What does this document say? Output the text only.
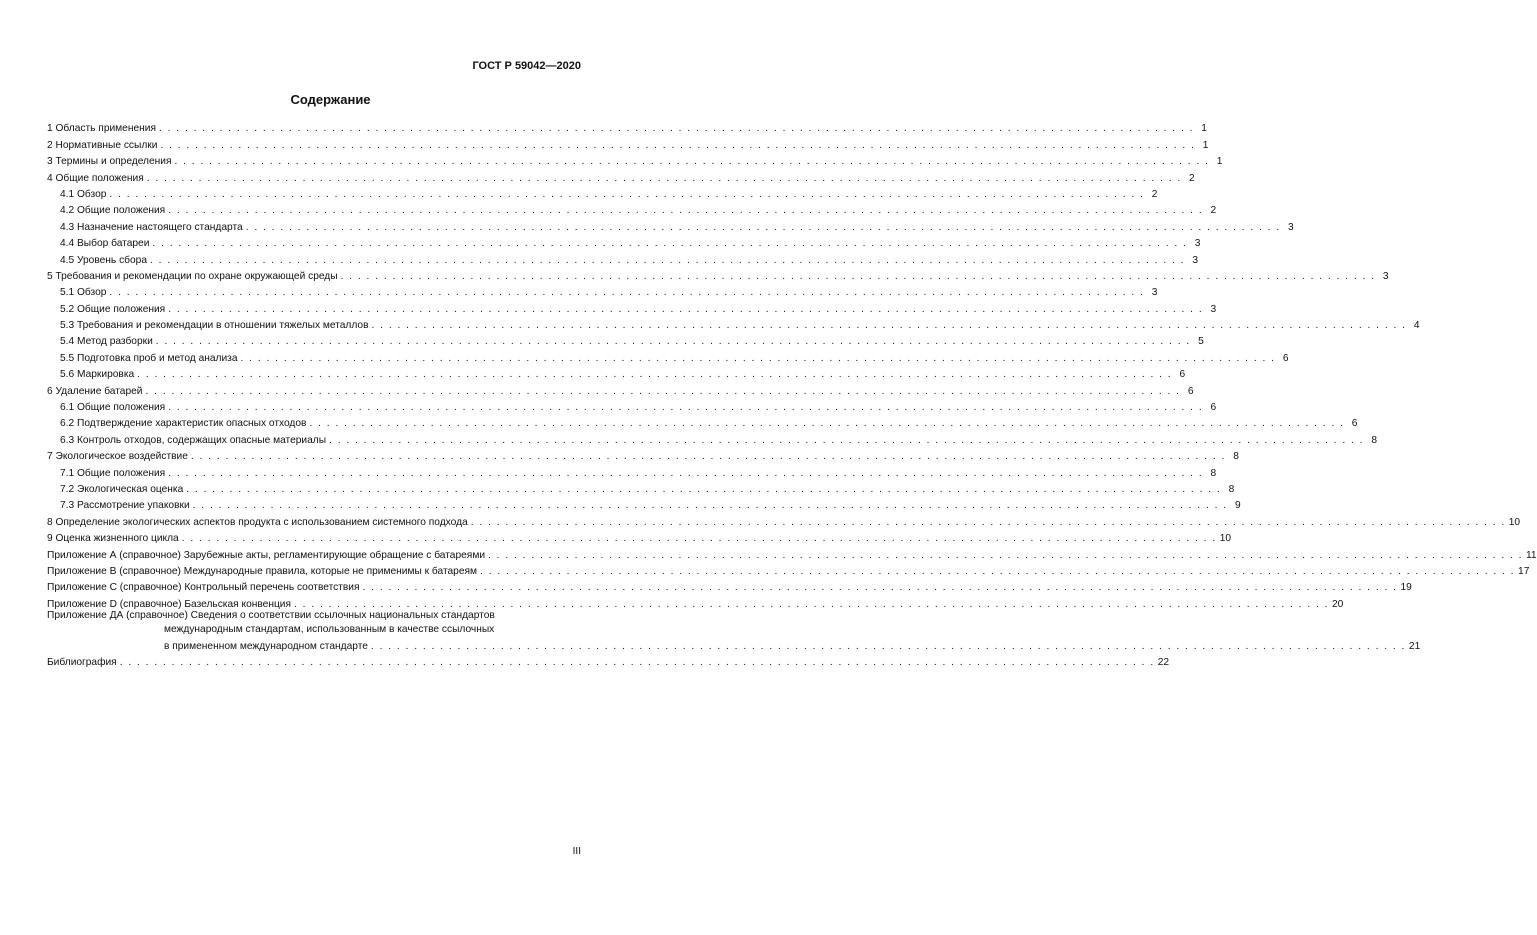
ГОСТ Р 59042—2020
Содержание
1 Область применения . . . . . . . . . . . . . . . . . . . . . . . . . . . . . . . . . . . . . . . . . . . . . . . . . . . . . . . . . . . . . . . . . . . . . . . . . . . . . . . . . . . . . . . . . . . . . . . . . . . . . . . . . . . . . . . . . . . . . . . . 1
2 Нормативные ссылки . . . . . . . . . . . . . . . . . . . . . . . . . . . . . . . . . . . . . . . . . . . . . . . . . . . . . . . . . . . . . . . . . . . . . . . . . . . . . . . . . . . . . . . . . . . . . . . . . . . . . . . . . . . . . . . . . . . . . . . . 1
3 Термины и определения . . . . . . . . . . . . . . . . . . . . . . . . . . . . . . . . . . . . . . . . . . . . . . . . . . . . . . . . . . . . . . . . . . . . . . . . . . . . . . . . . . . . . . . . . . . . . . . . . . . . . . . . . . . . . . . . . . . . . . . . 1
4 Общие положения . . . . . . . . . . . . . . . . . . . . . . . . . . . . . . . . . . . . . . . . . . . . . . . . . . . . . . . . . . . . . . . . . . . . . . . . . . . . . . . . . . . . . . . . . . . . . . . . . . . . . . . . . . . . . . . . . . . . . . . . 2
4.1 Обзор . . . . . . . . . . . . . . . . . . . . . . . . . . . . . . . . . . . . . . . . . . . . . . . . . . . . . . . . . . . . . . . . . . . . . . . . . . . . . . . . . . . . . . . . . . . . . . . . . . . . . . . . . . . . . . . . . . . . . . . . 2
4.2 Общие положения . . . . . . . . . . . . . . . . . . . . . . . . . . . . . . . . . . . . . . . . . . . . . . . . . . . . . . . . . . . . . . . . . . . . . . . . . . . . . . . . . . . . . . . . . . . . . . . . . . . . . . . . . . . . . . . . . . . . . . . . 2
4.3 Назначение настоящего стандарта . . . . . . . . . . . . . . . . . . . . . . . . . . . . . . . . . . . . . . . . . . . . . . . . . . . . . . . . . . . . . . . . . . . . . . . . . . . . . . . . . . . . . . . . . . . . . . . . . . . . . . . . . . . . . . . . . . . . . . . . 3
4.4 Выбор батареи . . . . . . . . . . . . . . . . . . . . . . . . . . . . . . . . . . . . . . . . . . . . . . . . . . . . . . . . . . . . . . . . . . . . . . . . . . . . . . . . . . . . . . . . . . . . . . . . . . . . . . . . . . . . . . . . . . . . . . . . 3
4.5 Уровень сбора . . . . . . . . . . . . . . . . . . . . . . . . . . . . . . . . . . . . . . . . . . . . . . . . . . . . . . . . . . . . . . . . . . . . . . . . . . . . . . . . . . . . . . . . . . . . . . . . . . . . . . . . . . . . . . . . . . . . . . . . 3
5 Требования и рекомендации по охране окружающей среды . . . . . . . . . . . . . . . . . . . . . . . . . . . . . . . . . . . . . . . . . . . . . . . . . . . . . . . . . . . . . . . . . . . . . . . . . . . . . . . . . . . . . . . . . . . . . . . . . . . . . . . . . . . . . . . . . . . . . . . . 3
5.1 Обзор . . . . . . . . . . . . . . . . . . . . . . . . . . . . . . . . . . . . . . . . . . . . . . . . . . . . . . . . . . . . . . . . . . . . . . . . . . . . . . . . . . . . . . . . . . . . . . . . . . . . . . . . . . . . . . . . . . . . . . . . 3
5.2 Общие положения . . . . . . . . . . . . . . . . . . . . . . . . . . . . . . . . . . . . . . . . . . . . . . . . . . . . . . . . . . . . . . . . . . . . . . . . . . . . . . . . . . . . . . . . . . . . . . . . . . . . . . . . . . . . . . . . . . . . . . . . 3
5.3 Требования и рекомендации в отношении тяжелых металлов . . . . . . . . . . . . . . . . . . . . . . . . . . . . . . . . . . . . . . . . . . . . . . . . . . . . . . . . . . . . . . . . . . . . . . . . . . . . . . . . . . . . . . . . . . . . . . . . . . . . . . . . . . . . . . . . . . . . . . . . 4
5.4 Метод разборки . . . . . . . . . . . . . . . . . . . . . . . . . . . . . . . . . . . . . . . . . . . . . . . . . . . . . . . . . . . . . . . . . . . . . . . . . . . . . . . . . . . . . . . . . . . . . . . . . . . . . . . . . . . . . . . . . . . . . . . . 5
5.5 Подготовка проб и метод анализа . . . . . . . . . . . . . . . . . . . . . . . . . . . . . . . . . . . . . . . . . . . . . . . . . . . . . . . . . . . . . . . . . . . . . . . . . . . . . . . . . . . . . . . . . . . . . . . . . . . . . . . . . . . . . . . . . . . . . . . . 6
5.6 Маркировка . . . . . . . . . . . . . . . . . . . . . . . . . . . . . . . . . . . . . . . . . . . . . . . . . . . . . . . . . . . . . . . . . . . . . . . . . . . . . . . . . . . . . . . . . . . . . . . . . . . . . . . . . . . . . . . . . . . . . . . . 6
6 Удаление батарей . . . . . . . . . . . . . . . . . . . . . . . . . . . . . . . . . . . . . . . . . . . . . . . . . . . . . . . . . . . . . . . . . . . . . . . . . . . . . . . . . . . . . . . . . . . . . . . . . . . . . . . . . . . . . . . . . . . . . . . . 6
6.1 Общие положения . . . . . . . . . . . . . . . . . . . . . . . . . . . . . . . . . . . . . . . . . . . . . . . . . . . . . . . . . . . . . . . . . . . . . . . . . . . . . . . . . . . . . . . . . . . . . . . . . . . . . . . . . . . . . . . . . . . . . . . . 6
6.2 Подтверждение характеристик опасных отходов . . . . . . . . . . . . . . . . . . . . . . . . . . . . . . . . . . . . . . . . . . . . . . . . . . . . . . . . . . . . . . . . . . . . . . . . . . . . . . . . . . . . . . . . . . . . . . . . . . . . . . . . . . . . . . . . . . . . . . . . 6
6.3 Контроль отходов, содержащих опасные материалы . . . . . . . . . . . . . . . . . . . . . . . . . . . . . . . . . . . . . . . . . . . . . . . . . . . . . . . . . . . . . . . . . . . . . . . . . . . . . . . . . . . . . . . . . . . . . . . . . . . . . . . . . . . . . . . . . . . . . . . . 8
7 Экологическое воздействие . . . . . . . . . . . . . . . . . . . . . . . . . . . . . . . . . . . . . . . . . . . . . . . . . . . . . . . . . . . . . . . . . . . . . . . . . . . . . . . . . . . . . . . . . . . . . . . . . . . . . . . . . . . . . . . . . . . . . . . . 8
7.1 Общие положения . . . . . . . . . . . . . . . . . . . . . . . . . . . . . . . . . . . . . . . . . . . . . . . . . . . . . . . . . . . . . . . . . . . . . . . . . . . . . . . . . . . . . . . . . . . . . . . . . . . . . . . . . . . . . . . . . . . . . . . . 8
7.2 Экологическая оценка . . . . . . . . . . . . . . . . . . . . . . . . . . . . . . . . . . . . . . . . . . . . . . . . . . . . . . . . . . . . . . . . . . . . . . . . . . . . . . . . . . . . . . . . . . . . . . . . . . . . . . . . . . . . . . . . . . . . . . . . 8
7.3 Рассмотрение упаковки . . . . . . . . . . . . . . . . . . . . . . . . . . . . . . . . . . . . . . . . . . . . . . . . . . . . . . . . . . . . . . . . . . . . . . . . . . . . . . . . . . . . . . . . . . . . . . . . . . . . . . . . . . . . . . . . . . . . . . . . 9
8 Определение экологических аспектов продукта с использованием системного подхода . . . . . . . . . . . . . . . . . . . . . . . . . . . . . . . . . . . . . . . . . . . . . . . . . . . . . . . . . . . . . . . . . . . . . . . . . . . . . . . . . . . . . . . . . . . . . . . . . . . . . . . . . . . . . . . . . . . . . . . . 10
9 Оценка жизненного цикла . . . . . . . . . . . . . . . . . . . . . . . . . . . . . . . . . . . . . . . . . . . . . . . . . . . . . . . . . . . . . . . . . . . . . . . . . . . . . . . . . . . . . . . . . . . . . . . . . . . . . . . . . . . . . . . . . . . . . . . . 10
Приложение А (справочное) Зарубежные акты, регламентирующие обращение с батареями . . . . . . . . . . . . . . . . . . . . . . . . . . . . . . . . . . . . . . . . . . . . . . . . . . . . . . . . . . . . . . . . . . . . . . . . . . . . . . . . . . . . . . . . . . . . . . . . . . . . . . . . . . . . . . . . . . . . . . . . 11
Приложение В (справочное) Международные правила, которые не применимы к батареям . . . . . . . . . . . . . . . . . . . . . . . . . . . . . . . . . . . . . . . . . . . . . . . . . . . . . . . . . . . . . . . . . . . . . . . . . . . . . . . . . . . . . . . . . . . . . . . . . . . . . . . . . . . . . . . . . . . . . . . . 17
Приложение С (справочное) Контрольный перечень соответствия . . . . . . . . . . . . . . . . . . . . . . . . . . . . . . . . . . . . . . . . . . . . . . . . . . . . . . . . . . . . . . . . . . . . . . . . . . . . . . . . . . . . . . . . . . . . . . . . . . . . . . . . . . . . . . . . . . . . . . . . 19
Приложение D (справочное) Базельская конвенция . . . . . . . . . . . . . . . . . . . . . . . . . . . . . . . . . . . . . . . . . . . . . . . . . . . . . . . . . . . . . . . . . . . . . . . . . . . . . . . . . . . . . . . . . . . . . . . . . . . . . . . . . . . . . . . . . . . . . . . . 20
Приложение ДА (справочное) Сведения о соответствии ссылочных национальных стандартов
международным стандартам, использованным в качестве ссылочных
в примененном международном стандарте . . . . . . . . . . . . . . . . . . . . . . . . . . . . . . . . . . . . . . . . . . . . . . . . . . . . . . . . . . . . . . . . . . . . . . . . . . . . . . . . . . . . . . . . . . . . . . . . . . . . . . . . . . . . . . . . . . . . . . . . 21
Библиография . . . . . . . . . . . . . . . . . . . . . . . . . . . . . . . . . . . . . . . . . . . . . . . . . . . . . . . . . . . . . . . . . . . . . . . . . . . . . . . . . . . . . . . . . . . . . . . . . . . . . . . . . . . . . . . . . . . . . . . . 22
III
